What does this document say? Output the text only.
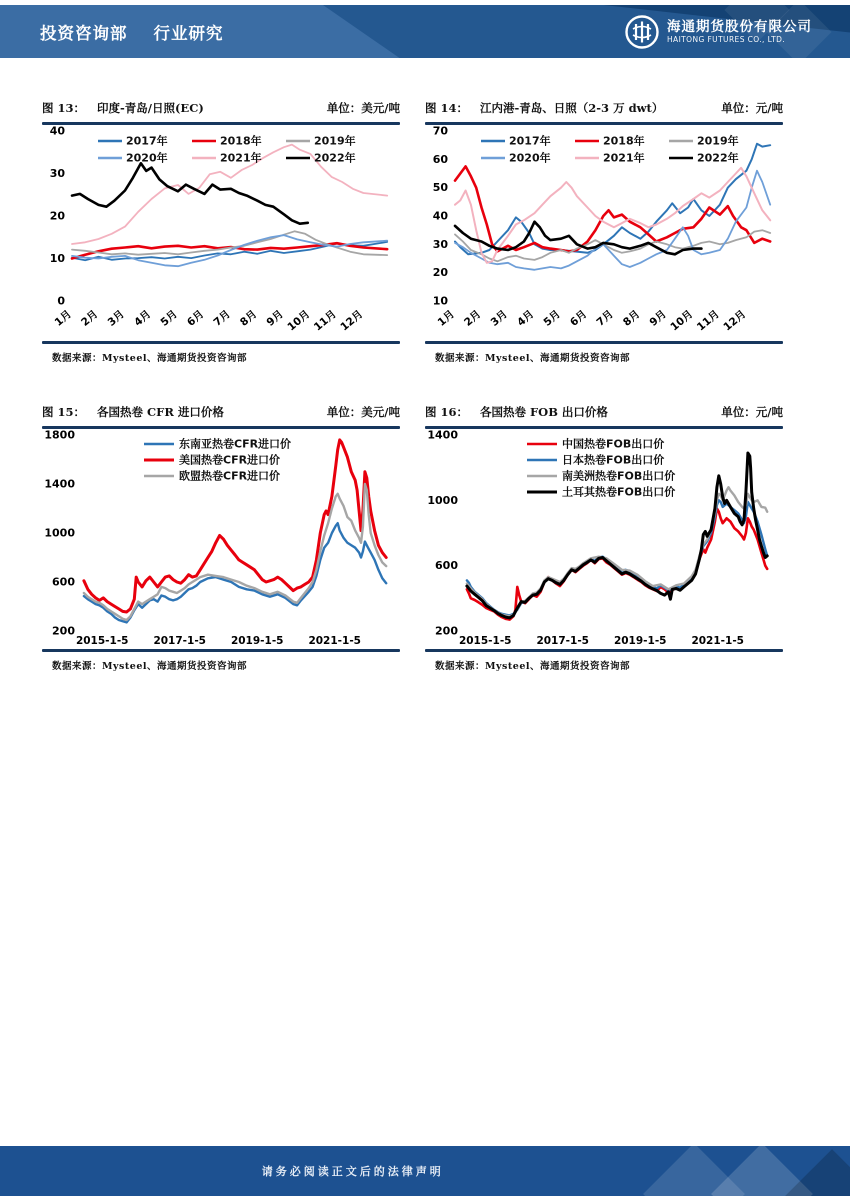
投资咨询部 行业研究	海通期货股份有限公司
HAITONG FUTURES CO., LTD.
图 13： 印度-青岛/日照(EC)	单位：美元/吨
0
10
20
30
40
1月 2月 3月 4月 5月 6月 7月 8月 9月 10月 11月 12月
2017年	2018年	2019年
2020年	2021年	2022年
数据来源：Mysteel、海通期货投资咨询部
图 14： 江内港-青岛、日照（2-3 万 dwt）	单位：元/吨
10
20
30
40
50
60
70
1月 2月 3月 4月 5月 6月 7月 8月 9月 10月 11月 12月
2017年	2018年	2019年
2020年	2021年	2022年
数据来源：Mysteel、海通期货投资咨询部
图 15： 各国热卷 CFR 进口价格	单位：美元/吨
200
600
1000
1400
1800
2015-1-5 2017-1-5 2019-1-5 2021-1-5
东南亚热卷CFR进口价
美国热卷CFR进口价
欧盟热卷CFR进口价
数据来源：Mysteel、海通期货投资咨询部
图 16： 各国热卷 FOB 出口价格	单位：元/吨
200
600
1000
1400
2015-1-5 2017-1-5 2019-1-5 2021-1-5
中国热卷FOB出口价
日本热卷FOB出口价
南美洲热卷FOB出口价
土耳其热卷FOB出口价
数据来源：Mysteel、海通期货投资咨询部
请务必阅读正文后的法律声明
